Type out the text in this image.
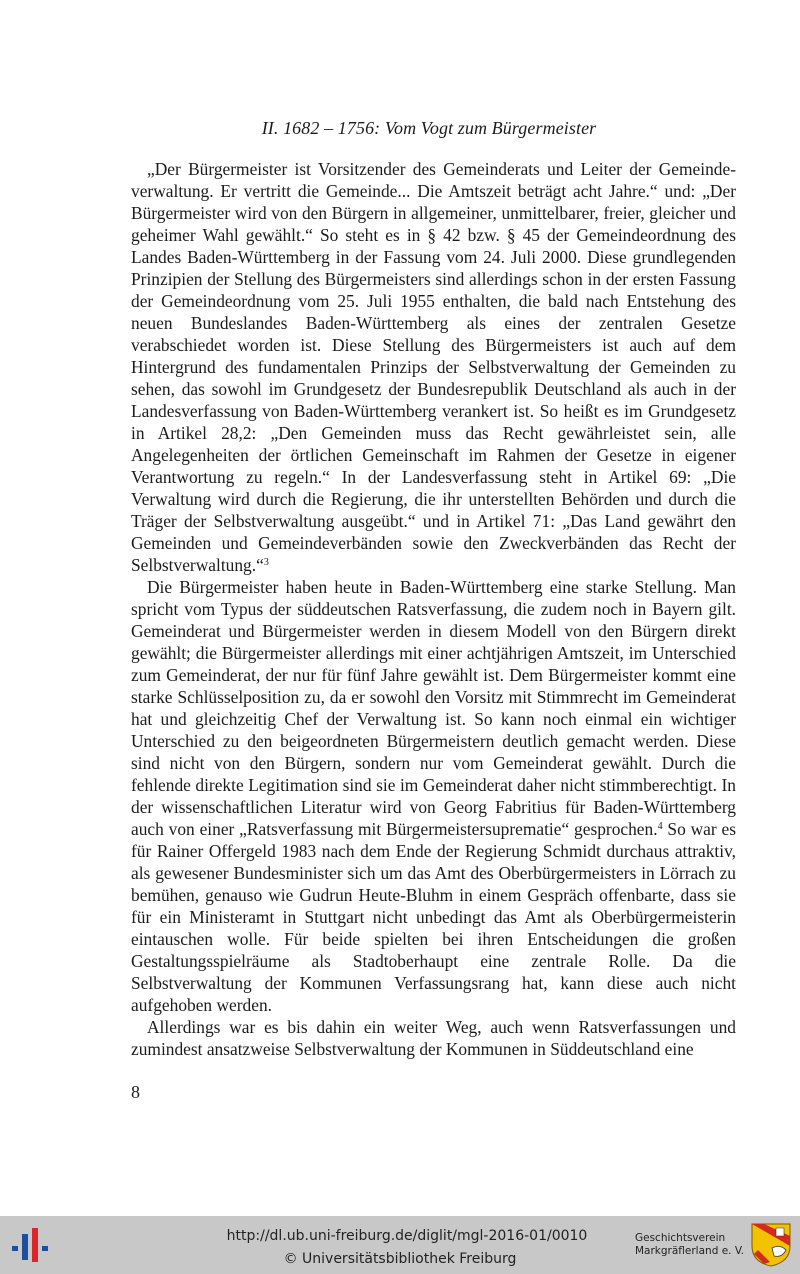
II. 1682 – 1756: Vom Vogt zum Bürgermeister

„Der Bürgermeister ist Vorsitzender des Gemeinderats und Leiter der Gemeindeverwaltung. Er vertritt die Gemeinde... Die Amtszeit beträgt acht Jahre.“ und: „Der Bürgermeister wird von den Bürgern in allgemeiner, unmittelbarer, freier, gleicher und geheimer Wahl gewählt.“ So steht es in § 42 bzw. § 45 der Gemeindeordnung des Landes Baden-Württemberg in der Fassung vom 24. Juli 2000. Diese grundlegenden Prinzipien der Stellung des Bürgermeisters sind allerdings schon in der ersten Fassung der Gemeindeordnung vom 25. Juli 1955 enthalten, die bald nach Entstehung des neuen Bundeslandes Baden-Württemberg als eines der zentralen Gesetze verabschiedet worden ist. Diese Stellung des Bürgermeisters ist auch auf dem Hintergrund des fundamentalen Prinzips der Selbstverwaltung der Gemeinden zu sehen, das sowohl im Grundgesetz der Bundesrepublik Deutschland als auch in der Landesverfassung von Baden-Württemberg verankert ist. So heißt es im Grundgesetz in Artikel 28,2: „Den Gemeinden muss das Recht gewährleistet sein, alle Angelegenheiten der örtlichen Gemeinschaft im Rahmen der Gesetze in eigener Verantwortung zu regeln.“ In der Landesverfassung steht in Artikel 69: „Die Verwaltung wird durch die Regierung, die ihr unterstellten Behörden und durch die Träger der Selbstverwaltung ausgeübt.“ und in Artikel 71: „Das Land gewährt den Gemeinden und Gemeindeverbänden sowie den Zweckverbänden das Recht der Selbstverwaltung.“$^3$

Die Bürgermeister haben heute in Baden-Württemberg eine starke Stellung. Man spricht vom Typus der süddeutschen Ratsverfassung, die zudem noch in Bayern gilt. Gemeinderat und Bürgermeister werden in diesem Modell von den Bürgern direkt gewählt; die Bürgermeister allerdings mit einer achtjährigen Amtszeit, im Unterschied zum Gemeinderat, der nur für fünf Jahre gewählt ist. Dem Bürgermeister kommt eine starke Schlüsselposition zu, da er sowohl den Vorsitz mit Stimmrecht im Gemeinderat hat und gleichzeitig Chef der Verwaltung ist. So kann noch einmal ein wichtiger Unterschied zu den beigeordneten Bürgermeistern deutlich gemacht werden. Diese sind nicht von den Bürgern, sondern nur vom Gemeinderat gewählt. Durch die fehlende direkte Legitimation sind sie im Gemeinderat daher nicht stimmberechtigt. In der wissenschaftlichen Literatur wird von Georg Fabritius für Baden-Württemberg auch von einer „Ratsverfassung mit Bürgermeistersuprematie“ gesprochen.$^4$ So war es für Rainer Offergeld 1983 nach dem Ende der Regierung Schmidt durchaus attraktiv, als gewesener Bundesminister sich um das Amt des Oberbürgermeisters in Lörrach zu bemühen, genauso wie Gudrun Heute-Bluhm in einem Gespräch offenbarte, dass sie für ein Ministeramt in Stuttgart nicht unbedingt das Amt als Oberbürgermeisterin eintauschen wolle. Für beide spielten bei ihren Entscheidungen die großen Gestaltungsspielräume als Stadtoberhaupt eine zentrale Rolle. Da die Selbstverwaltung der Kommunen Verfassungsrang hat, kann diese auch nicht aufgehoben werden.

Allerdings war es bis dahin ein weiter Weg, auch wenn Ratsverfassungen und zumindest ansatzweise Selbstverwaltung der Kommunen in Süddeutschland eine

8
http://dl.ub.uni-freiburg.de/diglit/mgl-2016-01/0010
© Universitätsbibliothek Freiburg
Geschichtsverein
Markgräflerland e. V.
